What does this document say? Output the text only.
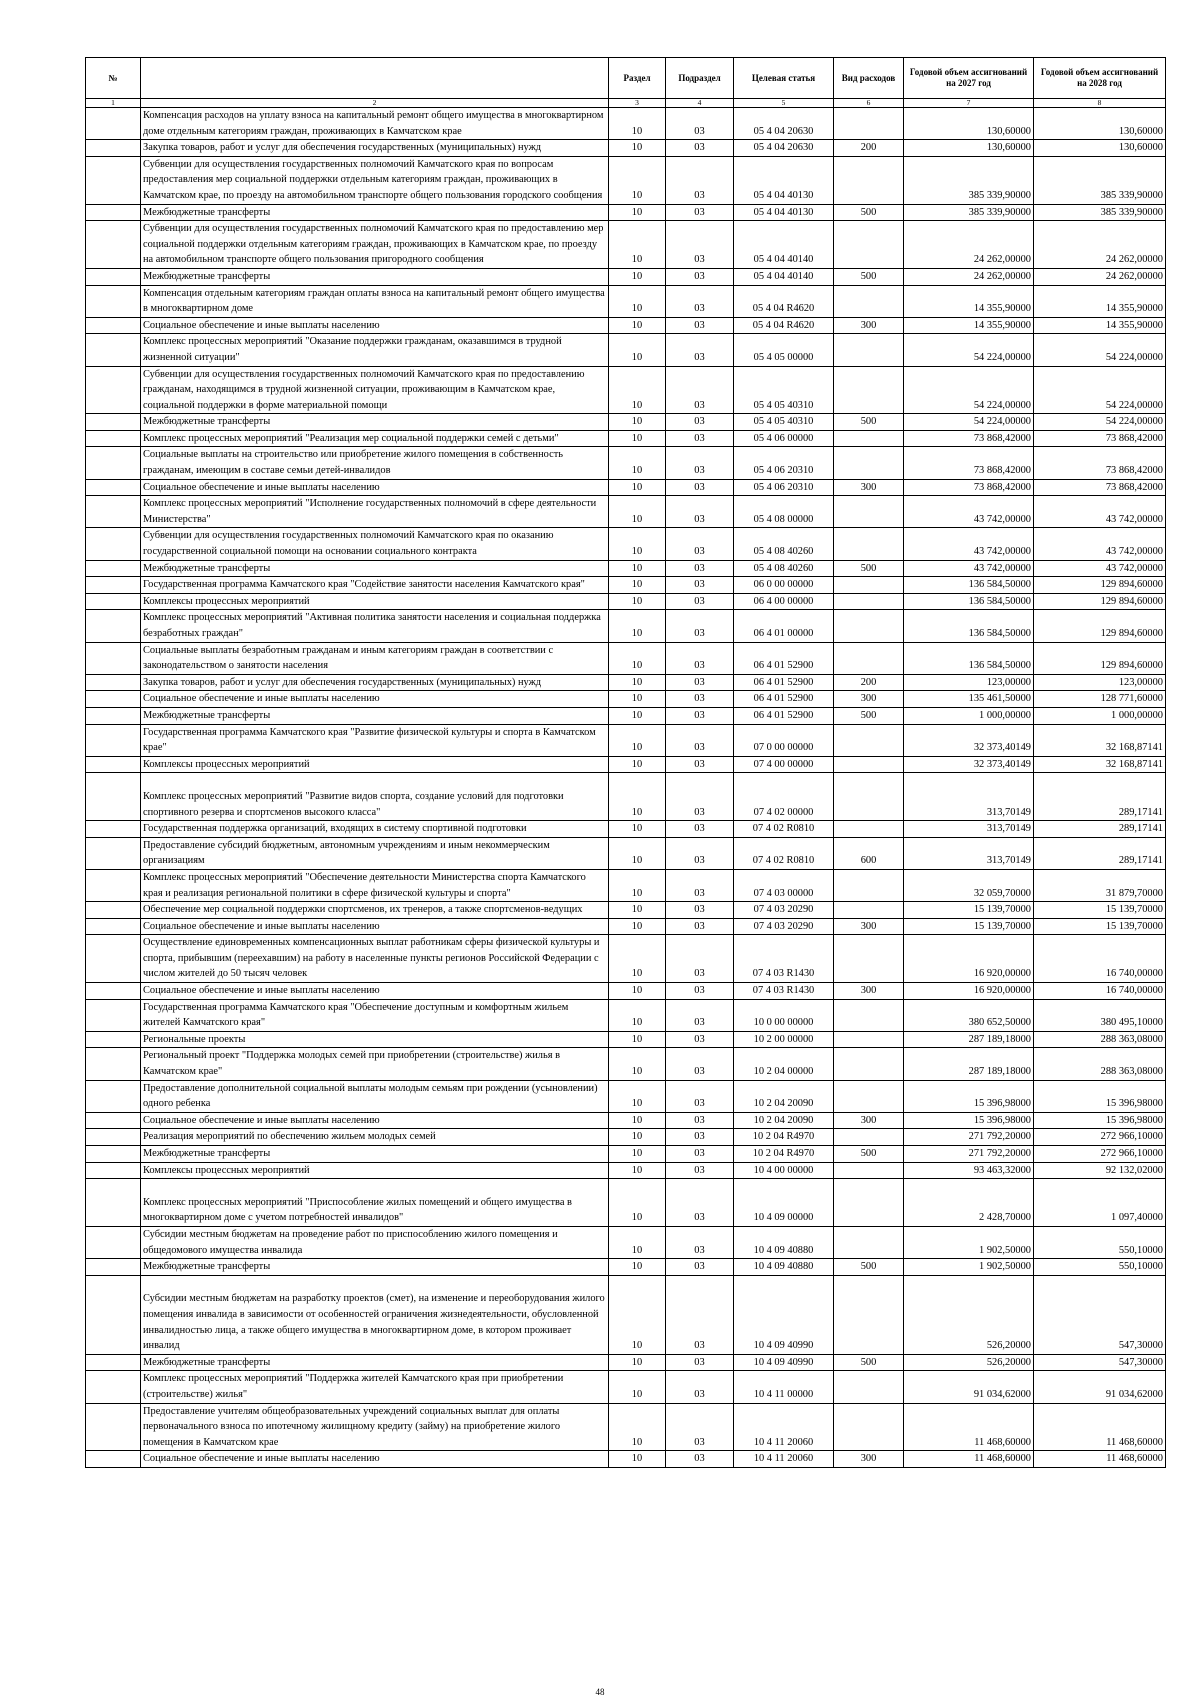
№		Раздел	Подраздел	Целевая статья	Вид расходов	Годовой объем ассигнований на 2027 год	Годовой объем ассигнований на 2028 год
1	2	3	4	5	6	7	8
	Компенсация расходов на уплату взноса на капитальный ремонт общего имущества в многоквартирном доме отдельным категориям граждан, проживающих в Камчатском крае	10	03	05 4 04 20630		130,60000	130,60000
	Закупка товаров, работ и услуг для обеспечения государственных (муниципальных) нужд	10	03	05 4 04 20630	200	130,60000	130,60000
	Субвенции для осуществления государственных полномочий Камчатского края по вопросам предоставления мер социальной поддержки отдельным категориям граждан, проживающих в Камчатском крае, по проезду на автомобильном транспорте общего пользования городского сообщения	10	03	05 4 04 40130		385 339,90000	385 339,90000
	Межбюджетные трансферты	10	03	05 4 04 40130	500	385 339,90000	385 339,90000
	Субвенции для осуществления государственных полномочий Камчатского края по предоставлению мер социальной поддержки отдельным категориям граждан, проживающих в Камчатском крае, по проезду на автомобильном транспорте общего пользования пригородного сообщения	10	03	05 4 04 40140		24 262,00000	24 262,00000
	Межбюджетные трансферты	10	03	05 4 04 40140	500	24 262,00000	24 262,00000
	Компенсация отдельным категориям граждан оплаты взноса на капитальный ремонт общего имущества в многоквартирном доме	10	03	05 4 04 R4620		14 355,90000	14 355,90000
	Социальное обеспечение и иные выплаты населению	10	03	05 4 04 R4620	300	14 355,90000	14 355,90000
	Комплекс процессных мероприятий "Оказание поддержки гражданам, оказавшимся в трудной жизненной ситуации"	10	03	05 4 05 00000		54 224,00000	54 224,00000
	Субвенции для осуществления государственных полномочий Камчатского края по предоставлению гражданам, находящимся в трудной жизненной ситуации, проживающим в Камчатском крае, социальной поддержки в форме материальной помощи	10	03	05 4 05 40310		54 224,00000	54 224,00000
	Межбюджетные трансферты	10	03	05 4 05 40310	500	54 224,00000	54 224,00000
	Комплекс процессных мероприятий "Реализация мер социальной поддержки семей с детьми"	10	03	05 4 06 00000		73 868,42000	73 868,42000
	Социальные выплаты на строительство или приобретение жилого помещения в собственность гражданам, имеющим в составе семьи детей-инвалидов	10	03	05 4 06 20310		73 868,42000	73 868,42000
	Социальное обеспечение и иные выплаты населению	10	03	05 4 06 20310	300	73 868,42000	73 868,42000
	Комплекс процессных мероприятий "Исполнение государственных полномочий в сфере деятельности Министерства"	10	03	05 4 08 00000		43 742,00000	43 742,00000
	Субвенции для осуществления государственных полномочий Камчатского края по оказанию государственной социальной помощи на основании социального контракта	10	03	05 4 08 40260		43 742,00000	43 742,00000
	Межбюджетные трансферты	10	03	05 4 08 40260	500	43 742,00000	43 742,00000
	Государственная программа Камчатского края "Содействие занятости населения Камчатского края"	10	03	06 0 00 00000		136 584,50000	129 894,60000
	Комплексы процессных мероприятий	10	03	06 4 00 00000		136 584,50000	129 894,60000
	Комплекс процессных мероприятий "Активная политика занятости населения и социальная поддержка безработных граждан"	10	03	06 4 01 00000		136 584,50000	129 894,60000
	Социальные выплаты безработным гражданам и иным категориям граждан в соответствии с законодательством о занятости населения	10	03	06 4 01 52900		136 584,50000	129 894,60000
	Закупка товаров, работ и услуг для обеспечения государственных (муниципальных) нужд	10	03	06 4 01 52900	200	123,00000	123,00000
	Социальное обеспечение и иные выплаты населению	10	03	06 4 01 52900	300	135 461,50000	128 771,60000
	Межбюджетные трансферты	10	03	06 4 01 52900	500	1 000,00000	1 000,00000
	Государственная программа Камчатского края "Развитие физической культуры и спорта в Камчатском крае"	10	03	07 0 00 00000		32 373,40149	32 168,87141
	Комплексы процессных мероприятий	10	03	07 4 00 00000		32 373,40149	32 168,87141
	Комплекс процессных мероприятий "Развитие видов спорта, создание условий для подготовки спортивного резерва и спортсменов высокого класса"	10	03	07 4 02 00000		313,70149	289,17141
	Государственная поддержка организаций, входящих в систему спортивной подготовки	10	03	07 4 02 R0810		313,70149	289,17141
	Предоставление субсидий бюджетным, автономным учреждениям и иным некоммерческим организациям	10	03	07 4 02 R0810	600	313,70149	289,17141
	Комплекс процессных мероприятий "Обеспечение деятельности Министерства спорта Камчатского края и реализация региональной политики в сфере физической культуры и спорта"	10	03	07 4 03 00000		32 059,70000	31 879,70000
	Обеспечение мер социальной поддержки спортсменов, их тренеров, а также спортсменов-ведущих	10	03	07 4 03 20290		15 139,70000	15 139,70000
	Социальное обеспечение и иные выплаты населению	10	03	07 4 03 20290	300	15 139,70000	15 139,70000
	Осуществление единовременных компенсационных выплат работникам сферы физической культуры и спорта, прибывшим (переехавшим) на работу в населенные пункты регионов Российской Федерации с числом жителей до 50 тысяч человек	10	03	07 4 03 R1430		16 920,00000	16 740,00000
	Социальное обеспечение и иные выплаты населению	10	03	07 4 03 R1430	300	16 920,00000	16 740,00000
	Государственная программа Камчатского края "Обеспечение доступным и комфортным жильем жителей Камчатского края"	10	03	10 0 00 00000		380 652,50000	380 495,10000
	Региональные проекты	10	03	10 2 00 00000		287 189,18000	288 363,08000
	Региональный проект "Поддержка молодых семей при приобретении (строительстве) жилья в Камчатском крае"	10	03	10 2 04 00000		287 189,18000	288 363,08000
	Предоставление дополнительной социальной выплаты молодым семьям при рождении (усыновлении) одного ребенка	10	03	10 2 04 20090		15 396,98000	15 396,98000
	Социальное обеспечение и иные выплаты населению	10	03	10 2 04 20090	300	15 396,98000	15 396,98000
	Реализация мероприятий по обеспечению жильем молодых семей	10	03	10 2 04 R4970		271 792,20000	272 966,10000
	Межбюджетные трансферты	10	03	10 2 04 R4970	500	271 792,20000	272 966,10000
	Комплексы процессных мероприятий	10	03	10 4 00 00000		93 463,32000	92 132,02000
	Комплекс процессных мероприятий "Приспособление жилых помещений и общего имущества в многоквартирном доме с учетом потребностей инвалидов"	10	03	10 4 09 00000		2 428,70000	1 097,40000
	Субсидии местным бюджетам на проведение работ по приспособлению жилого помещения и общедомового имущества инвалида	10	03	10 4 09 40880		1 902,50000	550,10000
	Межбюджетные трансферты	10	03	10 4 09 40880	500	1 902,50000	550,10000
	Субсидии местным бюджетам на разработку проектов (смет), на изменение и переоборудования жилого помещения инвалида в зависимости от особенностей ограничения жизнедеятельности, обусловленной инвалидностью лица, а также общего имущества в многоквартирном доме, в котором проживает инвалид	10	03	10 4 09 40990		526,20000	547,30000
	Межбюджетные трансферты	10	03	10 4 09 40990	500	526,20000	547,30000
	Комплекс процессных мероприятий "Поддержка жителей Камчатского края при приобретении (строительстве) жилья"	10	03	10 4 11 00000		91 034,62000	91 034,62000
	Предоставление учителям общеобразовательных учреждений социальных выплат для оплаты первоначального взноса по ипотечному жилищному кредиту (займу) на приобретение жилого помещения в Камчатском крае	10	03	10 4 11 20060		11 468,60000	11 468,60000
	Социальное обеспечение и иные выплаты населению	10	03	10 4 11 20060	300	11 468,60000	11 468,60000
48
